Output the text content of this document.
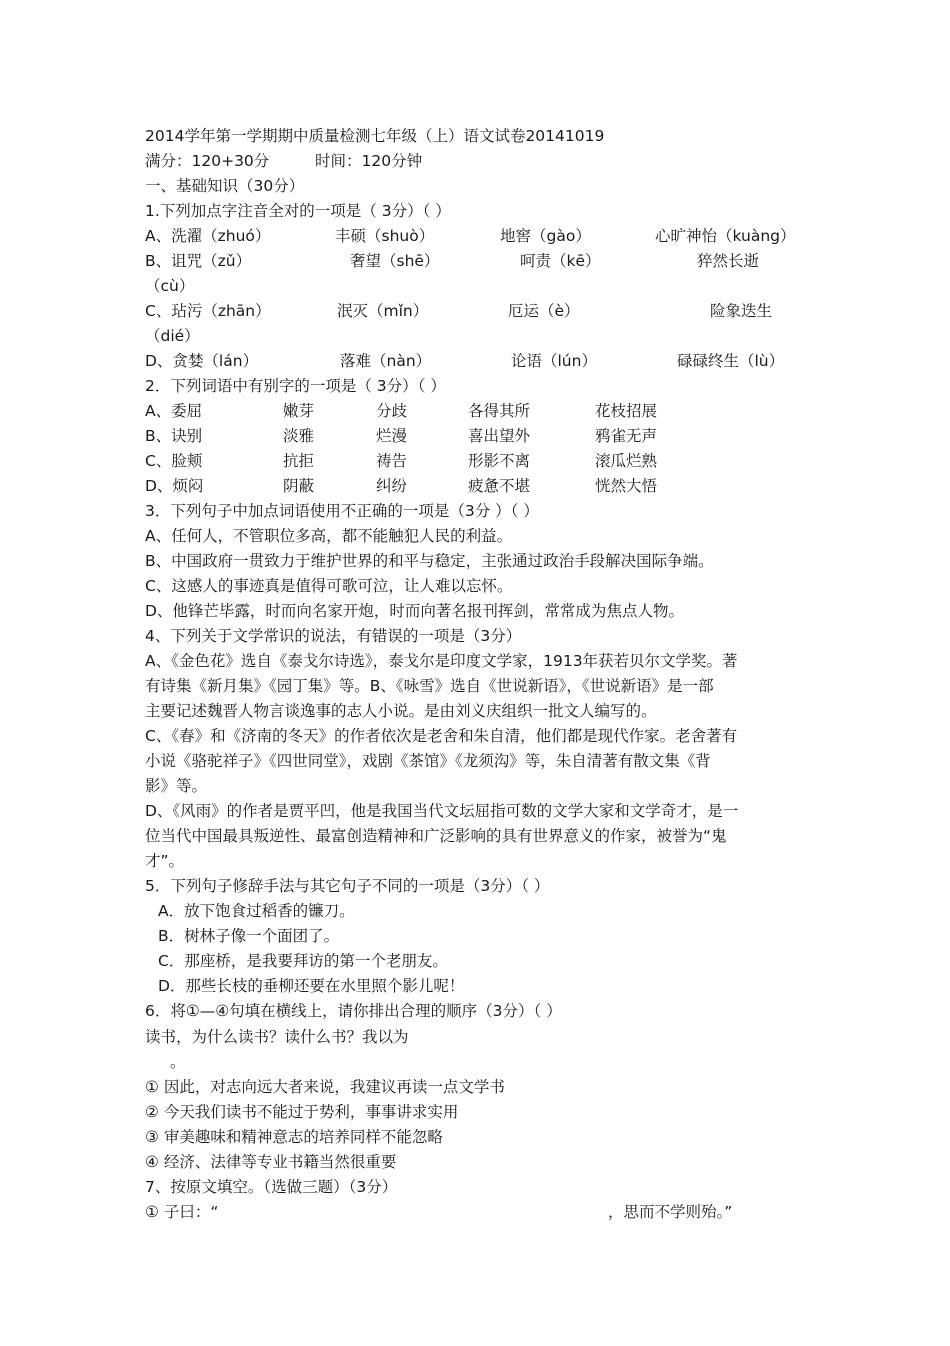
2014学年第一学期期中质量检测七年级（上）语文试卷20141019
满分：120+30分	时间：120分钟
一、基础知识（30分）
1.下列加点字注音全对的一项是（ 3分）（ ）
A、洗濯（zhuó）	丰硕（shuò）	地窖（gào）	心旷神怡（kuàng）
B、诅咒（zǔ）	奢望（shē）	呵责（kē）	猝然长逝
（cù）
C、玷污（zhān）	泯灭（mǐn）	厄运（è）	险象迭生
（dié）
D、贪婪（lán）	落难（nàn）	论语（lún）	碌碌终生（lù）
2．下列词语中有别字的一项是（ 3分）（ ）
A、委屈	嫩芽	分歧	各得其所	花枝招展
B、诀别	淡雅	烂漫	喜出望外	鸦雀无声
C、脸颊	抗拒	祷告	形影不离	滚瓜烂熟
D、烦闷	阴蔽	纠纷	疲惫不堪	恍然大悟
3．下列句子中加点词语使用不正确的一项是（3分 ）（ ）
A、任何人，不管职位多高，都不能触犯人民的利益。
B、中国政府一贯致力于维护世界的和平与稳定，主张通过政治手段解决国际争端。
C、这感人的事迹真是值得可歌可泣，让人难以忘怀。
D、他锋芒毕露，时而向名家开炮，时而向著名报刊挥剑，常常成为焦点人物。
4、下列关于文学常识的说法，有错误的一项是（3分）
A、《金色花》选自《泰戈尔诗选》，泰戈尔是印度文学家，1913年获若贝尔文学奖。著
有诗集《新月集》《园丁集》等。B、《咏雪》选自《世说新语》，《世说新语》是一部
主要记述魏晋人物言谈逸事的志人小说。是由刘义庆组织一批文人编写的。
C、《春》和《济南的冬天》的作者依次是老舍和朱自清，他们都是现代作家。老舍著有
小说《骆驼祥子》《四世同堂》，戏剧《茶馆》《龙须沟》等，朱自清著有散文集《背
影》等。
D、《风雨》的作者是贾平凹，他是我国当代文坛屈指可数的文学大家和文学奇才，是一
位当代中国最具叛逆性、最富创造精神和广泛影响的具有世界意义的作家，被誉为“鬼
才”。
5．下列句子修辞手法与其它句子不同的一项是（3分）（ ）
A．放下饱食过稻香的镰刀。
B．树林子像一个面团了。
C．那座桥，是我要拜访的第一个老朋友。
D．那些长枝的垂柳还要在水里照个影儿呢！
6．将①—④句填在横线上，请你排出合理的顺序（3分）（ ）
读书，为什么读书？读什么书？我以为
。
① 因此，对志向远大者来说，我建议再读一点文学书
② 今天我们读书不能过于势利，事事讲求实用
③ 审美趣味和精神意志的培养同样不能忽略
④ 经济、法律等专业书籍当然很重要
7、按原文填空。（选做三题）（3分）
① 子曰：“	，思而不学则殆。”
